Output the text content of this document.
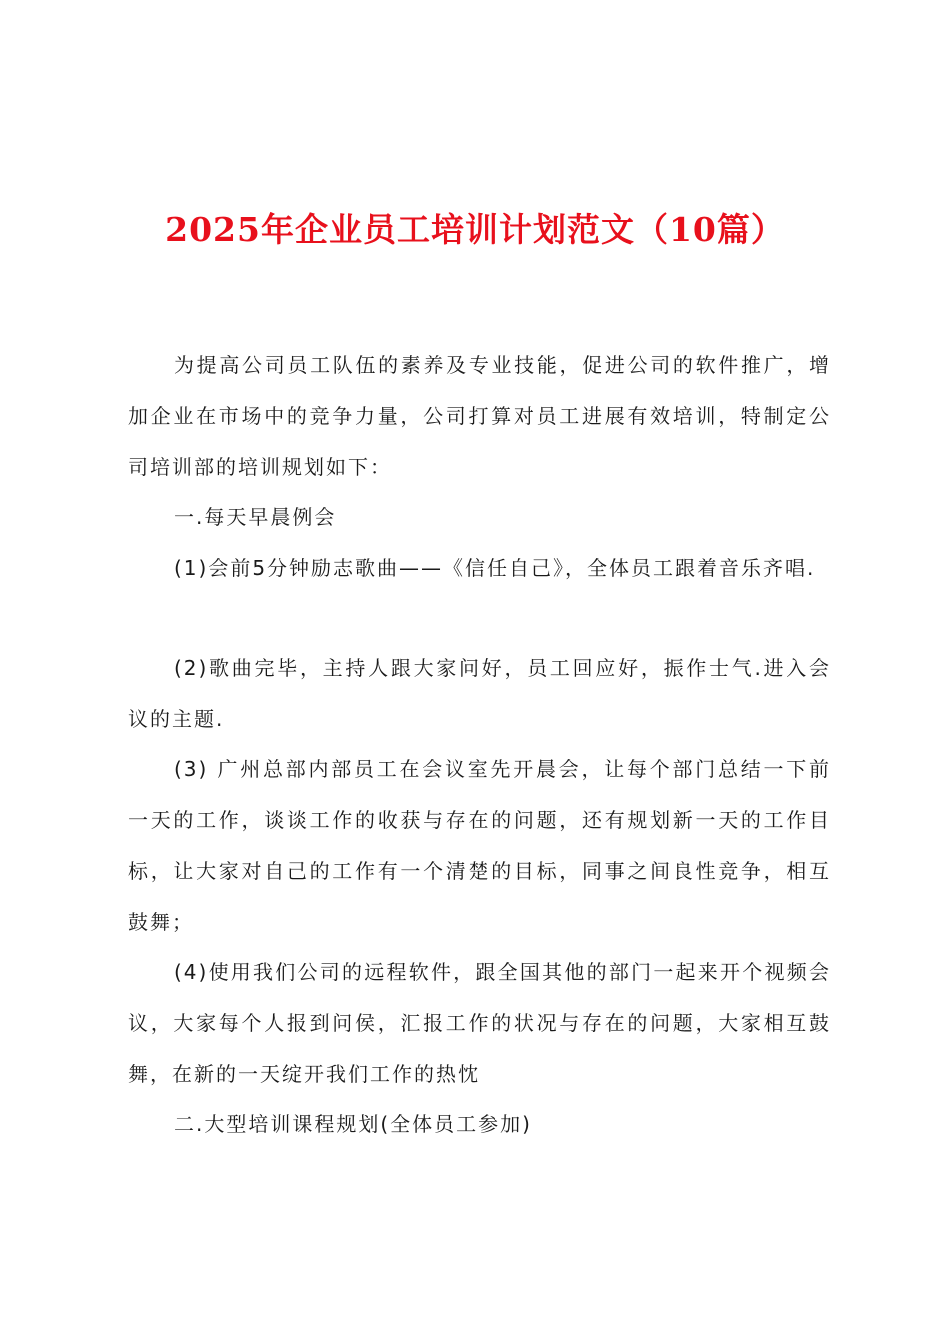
2025年企业员工培训计划范文（10篇）

为提高公司员工队伍的素养及专业技能，促进公司的软件推广，增加企业在市场中的竞争力量，公司打算对员工进展有效培训，特制定公司培训部的培训规划如下：

一.每天早晨例会

(1)会前5分钟励志歌曲——《信任自己》，全体员工跟着音乐齐唱.

(2)歌曲完毕，主持人跟大家问好，员工回应好，振作士气.进入会议的主题.

(3) 广州总部内部员工在会议室先开晨会，让每个部门总结一下前一天的工作，谈谈工作的收获与存在的问题，还有规划新一天的工作目标，让大家对自己的工作有一个清楚的目标，同事之间良性竞争，相互鼓舞；

(4)使用我们公司的远程软件，跟全国其他的部门一起来开个视频会议，大家每个人报到问侯，汇报工作的状况与存在的问题，大家相互鼓舞，在新的一天绽开我们工作的热忱

二.大型培训课程规划(全体员工参加)
